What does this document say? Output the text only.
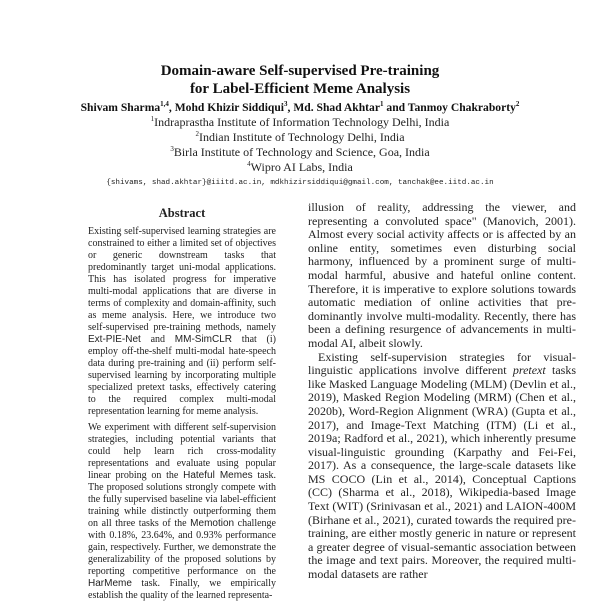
Domain-aware Self-supervised Pre-training
for Label-Efficient Meme Analysis
Shivam Sharma$^{1,4}$, Mohd Khizir Siddiqui$^3$, Md. Shad Akhtar$^1$ and Tanmoy Chakraborty$^2$
$^1$Indraprastha Institute of Information Technology Delhi, India
$^2$Indian Institute of Technology Delhi, India
$^3$Birla Institute of Technology and Science, Goa, India
$^4$Wipro AI Labs, India
{shivams, shad.akhtar}@iiitd.ac.in, mdkhizirsiddiqui@gmail.com, tanchak@ee.iitd.ac.in
Abstract

Existing self-supervised learning strategies are constrained to either a limited set of objectives or generic downstream tasks that predominantly target uni-modal applications. This has isolated progress for imperative multi-modal applications that are diverse in terms of complexity and domain-affinity, such as meme analysis. Here, we introduce two self-supervised pre-training methods, namely Ext-PIE-Net and MM-SimCLR that (i) employ off-the-shelf multi-modal hate-speech data during pre-training and (ii) perform self-supervised learning by incorporating multiple specialized pretext tasks, effectively catering to the required complex multi-modal representation learning for meme analysis.

We experiment with different self-supervision strategies, including potential variants that could help learn rich cross-modality representations and evaluate using popular linear probing on the Hateful Memes task. The proposed solutions strongly compete with the fully supervised baseline via label-efficient training while distinctly outperforming them on all three tasks of the Memotion challenge with 0.18%, 23.64%, and 0.93% performance gain, respectively. Further, we demonstrate the generalizability of the proposed solutions by reporting competitive performance on the HarMeme task. Finally, we empirically establish the quality of the learned representa-

illusion of reality, addressing the viewer, and representing a convoluted space" (Manovich, 2001). Almost every social activity affects or is affected by an online entity, sometimes even disturbing social harmony, influenced by a prominent surge of multi-modal harmful, abusive and hateful online content. Therefore, it is imperative to explore solutions towards automatic mediation of online activities that pre-dominantly involve multi-modality. Recently, there has been a defining resurgence of advancements in multi-modal AI, albeit slowly.

Existing self-supervision strategies for visual-linguistic applications involve different pretext tasks like Masked Language Modeling (MLM) (Devlin et al., 2019), Masked Region Modeling (MRM) (Chen et al., 2020b), Word-Region Alignment (WRA) (Gupta et al., 2017), and Image-Text Matching (ITM) (Li et al., 2019a; Radford et al., 2021), which inherently presume visual-linguistic grounding (Karpathy and Fei-Fei, 2017). As a consequence, the large-scale datasets like MS COCO (Lin et al., 2014), Conceptual Captions (CC) (Sharma et al., 2018), Wikipedia-based Image Text (WIT) (Srinivasan et al., 2021) and LAION-400M (Birhane et al., 2021), curated towards the required pre-training, are either mostly generic in nature or represent a greater degree of visual-semantic association between the image and text pairs. Moreover, the required multi-modal datasets are rather
